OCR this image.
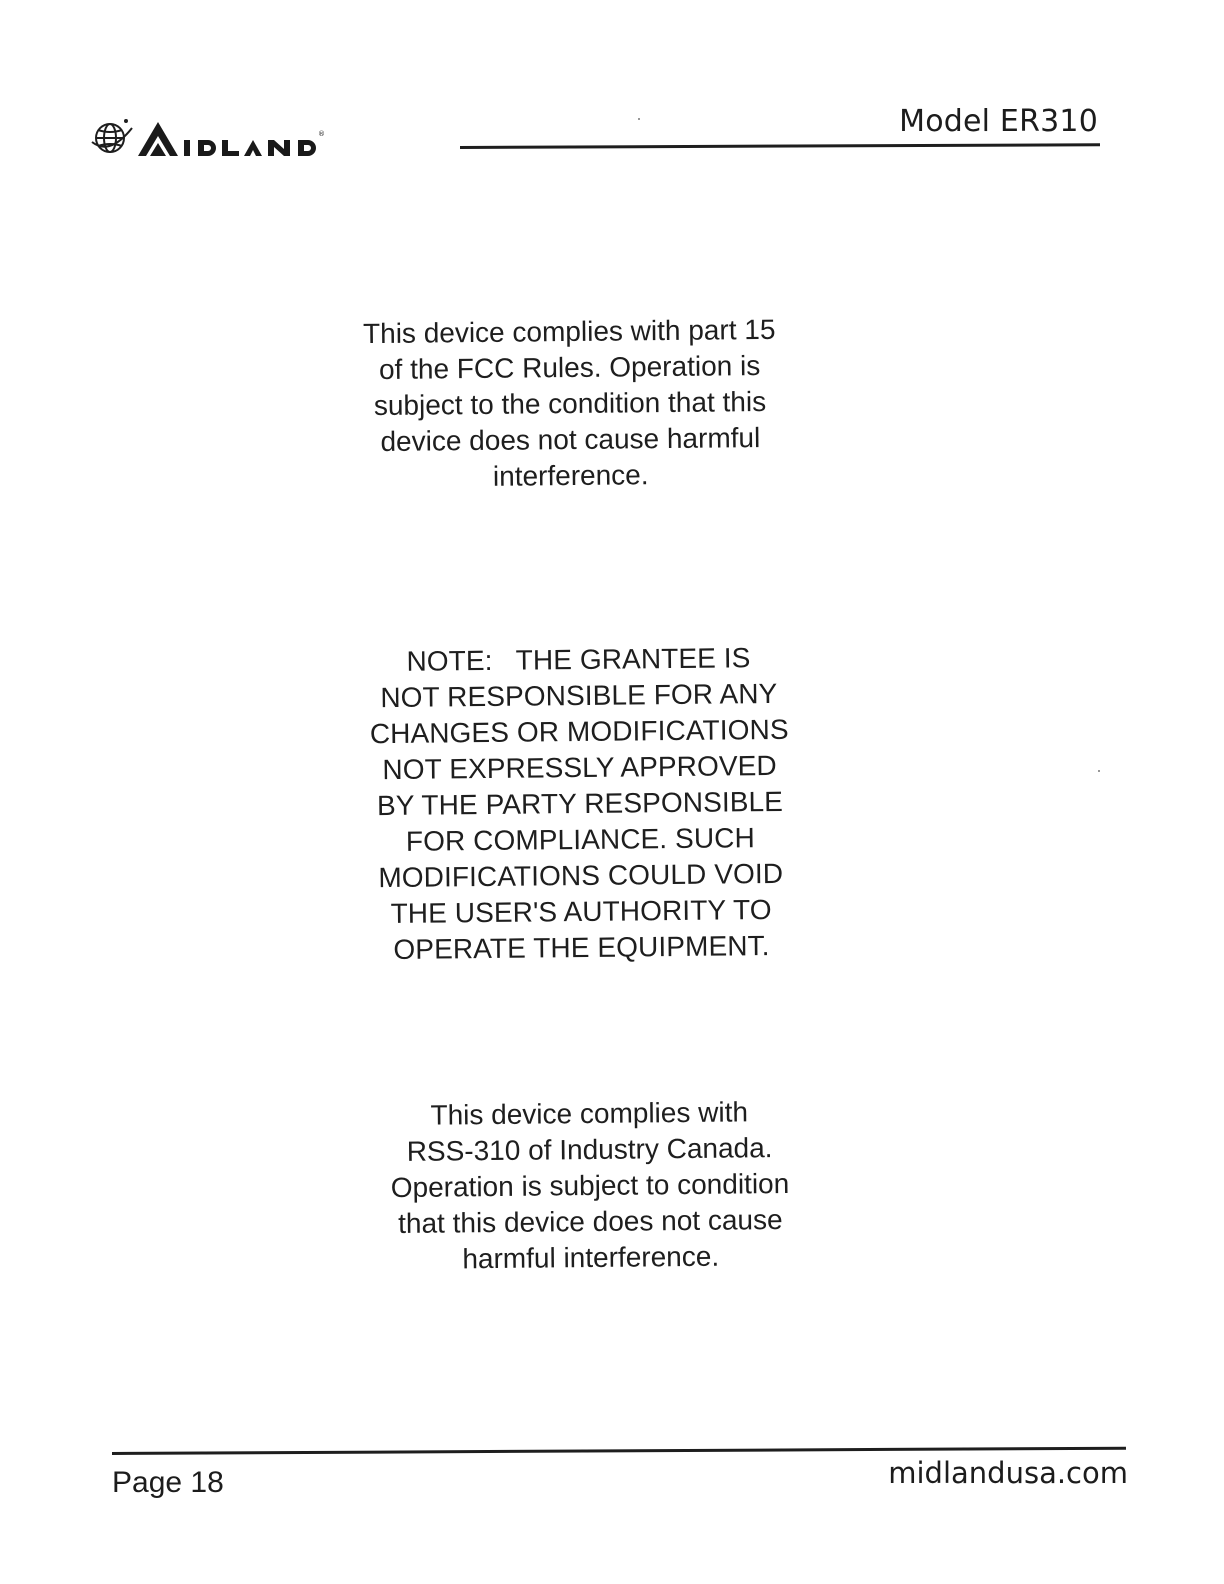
®	Model ER310
This device complies with part 15
of the FCC Rules. Operation is
subject to the condition that this
device does not cause harmful
interference.
NOTE:   THE GRANTEE IS
NOT RESPONSIBLE FOR ANY
CHANGES OR MODIFICATIONS
NOT EXPRESSLY APPROVED
BY THE PARTY RESPONSIBLE
FOR COMPLIANCE. SUCH
MODIFICATIONS COULD VOID
THE USER'S AUTHORITY TO
OPERATE THE EQUIPMENT.
This device complies with
RSS-310 of Industry Canada.
Operation is subject to condition
that this device does not cause
harmful interference.
Page 18	midlandusa.com
